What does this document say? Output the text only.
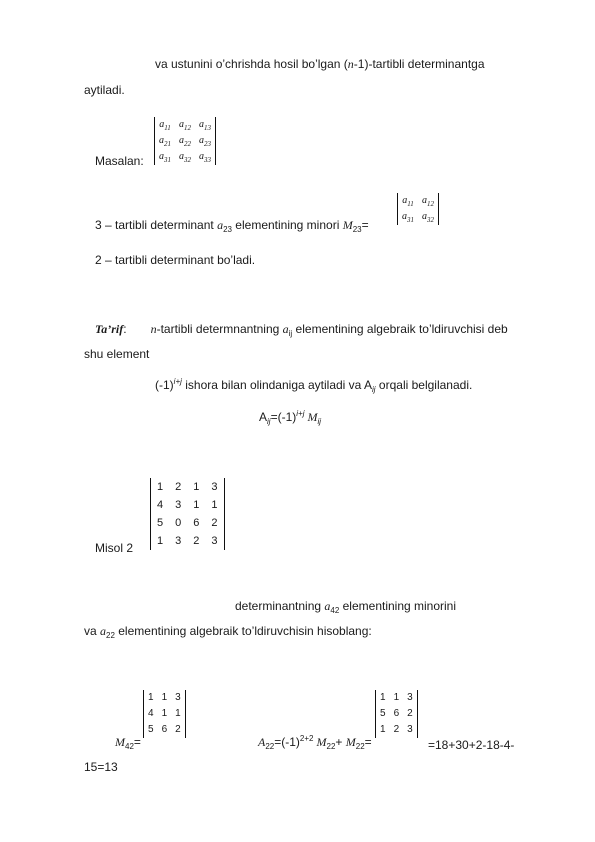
va ustunini o’chrishda hosil bo’lgan (n-1)-tartibli determinantga
aytiladi.
Masalan:
$a_{11}$	$a_{12}$	$a_{13}$
$a_{21}$	$a_{22}$	$a_{23}$
$a_{31}$	$a_{32}$	$a_{33}$
3 – tartibli determinant $a_{23}$ elementining minori $M_{23}=$
$a_{11}$	$a_{12}$
$a_{31}$	$a_{32}$
2 – tartibli determinant bo’ladi.
Ta’rif: n-tartibli determnantning $a_{ij}$ elementining algebraik to’ldiruvchisi deb
shu element
$(-1)^{i+j}$ ishora bilan olindaniga aytiladi va $A_{ij}$ orqali belgilanadi.
$A_{ij}=(-1)^{i+j}$ $M_{ij}$
Misol 2
1	2	1	3
4	3	1	1
5	0	6	2
1	3	2	3
determinantning $a_{42}$ elementining minorini
va $a_{22}$ elementining algebraik to’ldiruvchisin hisoblang:
$M_{42}=$
1	1	3
4	1	1
5	6	2
$A_{22}=(-1)^{2+2}$ $M_{22}+ M_{22}=$
1	1	3
5	6	2
1	2	3
=18+30+2-18-4-
15=13
